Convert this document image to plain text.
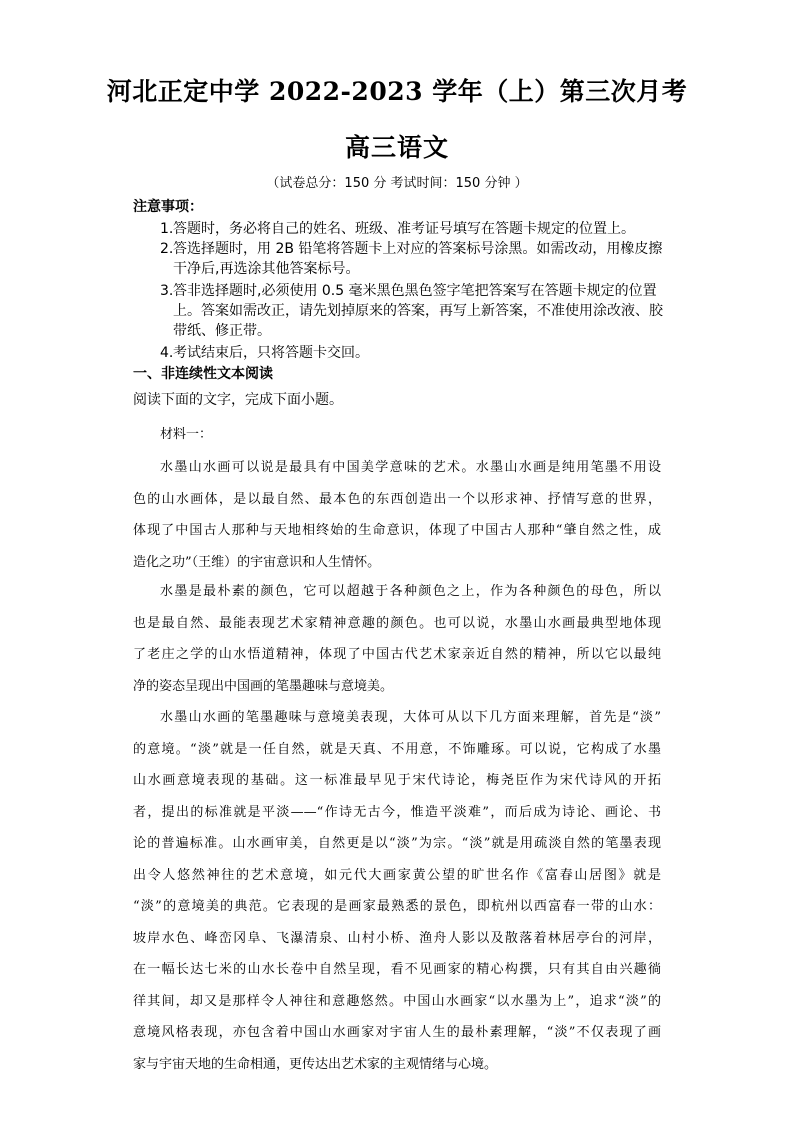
河北正定中学 2022-2023 学年（上）第三次月考
高三语文
（试卷总分：150 分 考试时间：150 分钟 ）
注意事项：
1.答题时，务必将自己的姓名、班级、准考证号填写在答题卡规定的位置上。
2.答选择题时，用 2B 铅笔将答题卡上对应的答案标号涂黑。如需改动，用橡皮擦
干净后,再选涂其他答案标号。
3.答非选择题时,必须使用 0.5 毫米黑色黑色签字笔把答案写在答题卡规定的位置
上。答案如需改正，请先划掉原来的答案，再写上新答案，不准使用涂改液、胶
带纸、修正带。
4.考试结束后，只将答题卡交回。
一、非连续性文本阅读
阅读下面的文字，完成下面小题。
材料一：
水墨山水画可以说是最具有中国美学意味的艺术。水墨山水画是纯用笔墨不用设
色的山水画体，是以最自然、最本色的东西创造出一个以形求神、抒情写意的世界，
体现了中国古人那种与天地相终始的生命意识，体现了中国古人那种“肇自然之性，成
造化之功”（王维）的宇宙意识和人生情怀。
水墨是最朴素的颜色，它可以超越于各种颜色之上，作为各种颜色的母色，所以
也是最自然、最能表现艺术家精神意趣的颜色。也可以说，水墨山水画最典型地体现
了老庄之学的山水悟道精神，体现了中国古代艺术家亲近自然的精神，所以它以最纯
净的姿态呈现出中国画的笔墨趣味与意境美。
水墨山水画的笔墨趣味与意境美表现，大体可从以下几方面来理解，首先是“淡”
的意境。“淡”就是一任自然，就是天真、不用意，不饰雕琢。可以说，它构成了水墨
山水画意境表现的基础。这一标准最早见于宋代诗论，梅尧臣作为宋代诗风的开拓
者，提出的标准就是平淡——“作诗无古今，惟造平淡难”，而后成为诗论、画论、书
论的普遍标准。山水画审美，自然更是以“淡”为宗。“淡”就是用疏淡自然的笔墨表现
出令人悠然神往的艺术意境，如元代大画家黄公望的旷世名作《富春山居图》就是
“淡”的意境美的典范。它表现的是画家最熟悉的景色，即杭州以西富春一带的山水：
坡岸水色、峰峦冈阜、飞瀑清泉、山村小桥、渔舟人影以及散落着林居亭台的河岸，
在一幅长达七米的山水长卷中自然呈现，看不见画家的精心构撰，只有其自由兴趣徜
徉其间，却又是那样令人神往和意趣悠然。中国山水画家“以水墨为上”，追求“淡”的
意境风格表现，亦包含着中国山水画家对宇宙人生的最朴素理解，“淡”不仅表现了画
家与宇宙天地的生命相通，更传达出艺术家的主观情绪与心境。
